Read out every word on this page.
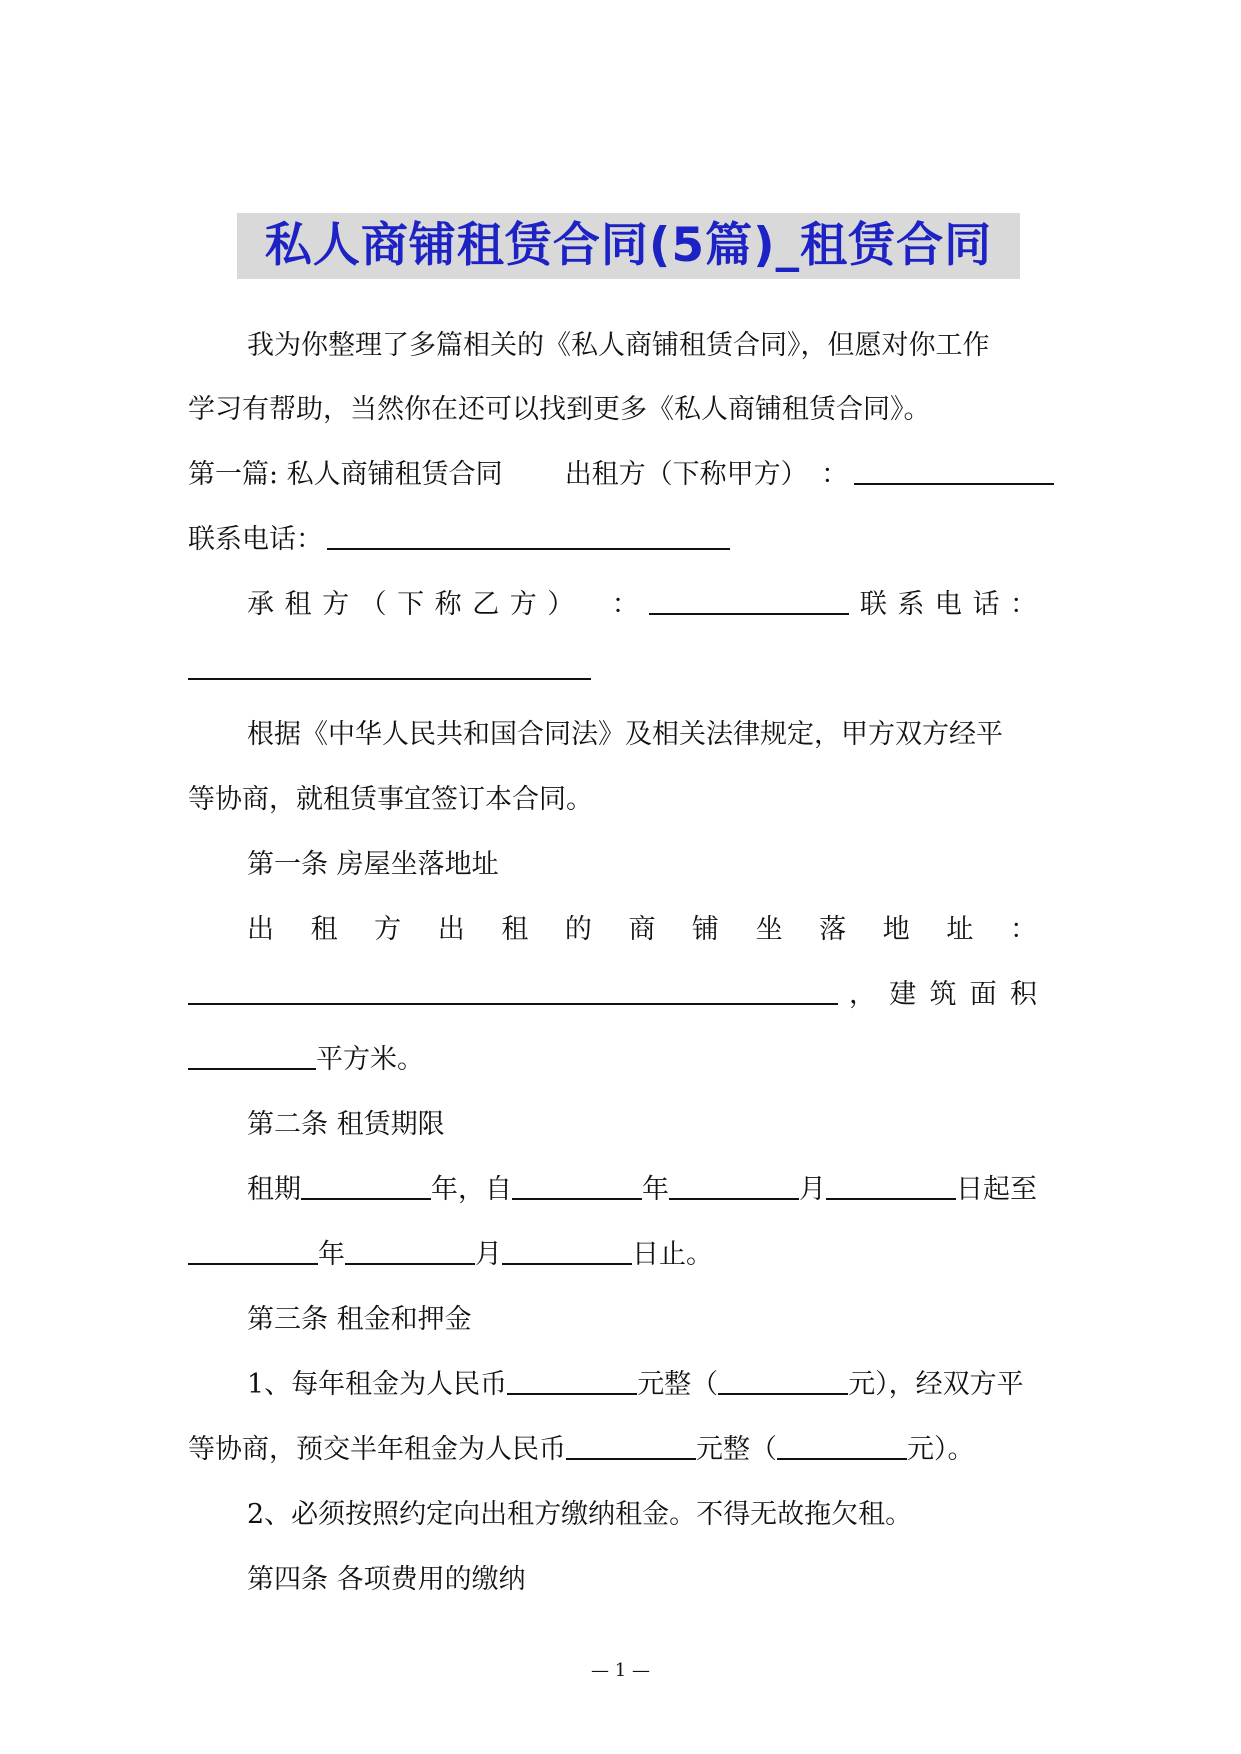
私人商铺租赁合同(5篇)_租赁合同
我为你整理了多篇相关的《私人商铺租赁合同》，但愿对你工作
学习有帮助，当然你在还可以找到更多《私人商铺租赁合同》。
第一篇: 私人商铺租赁合同 出租方（下称甲方）　：
联系电话：
承 租 方 （ 下 称 乙 方 ） 　：	联 系 电 话 ：
根据《中华人民共和国合同法》及相关法律规定，甲方双方经平
等协商，就租赁事宜签订本合同。
第一条 房屋坐落地址
出 租 方 出 租 的 商 铺 坐 落 地 址 ：
， 建 筑 面 积
平方米。
第二条 租赁期限
租期	年，自	年	月	日起至
年	月	日止。
第三条 租金和押金
1、每年租金为人民币	元整（	元），经双方平
等协商，预交半年租金为人民币	元整（	元）。
2、必须按照约定向出租方缴纳租金。不得无故拖欠租。
第四条 各项费用的缴纳
— 1 —
